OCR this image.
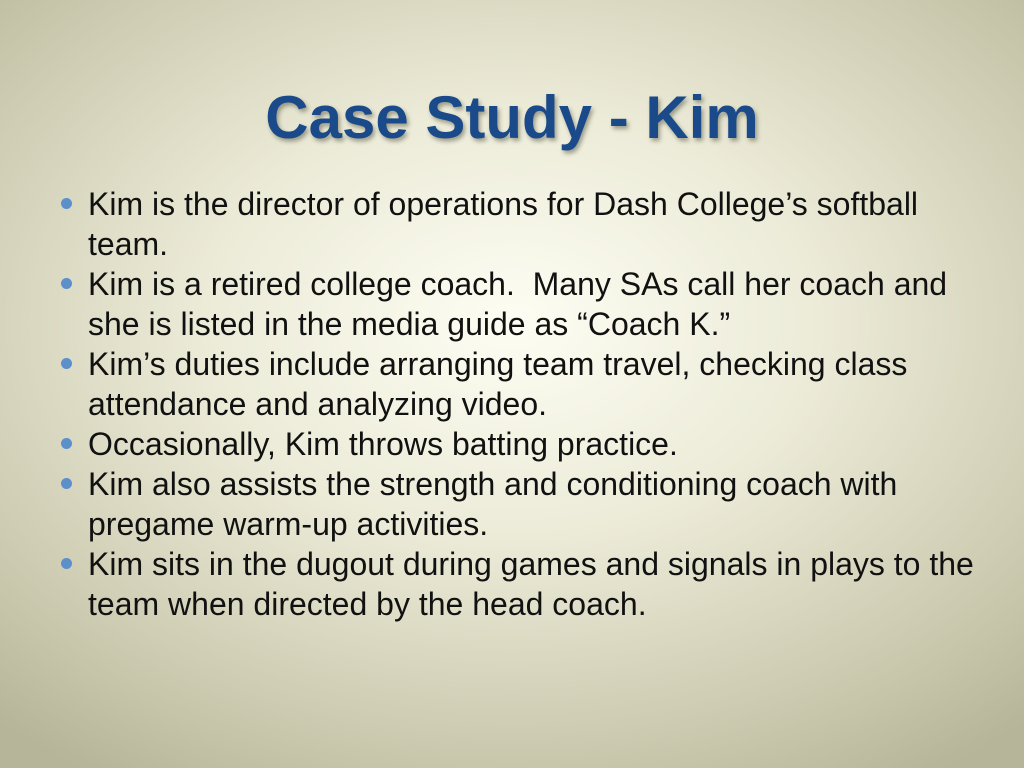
Case Study - Kim
Kim is the director of operations for Dash College’s softball team.
Kim is a retired college coach.  Many SAs call her coach and she is listed in the media guide as “Coach K.”
Kim’s duties include arranging team travel, checking class attendance and analyzing video.
Occasionally, Kim throws batting practice.
Kim also assists the strength and conditioning coach with pregame warm-up activities.
Kim sits in the dugout during games and signals in plays to the team when directed by the head coach.
